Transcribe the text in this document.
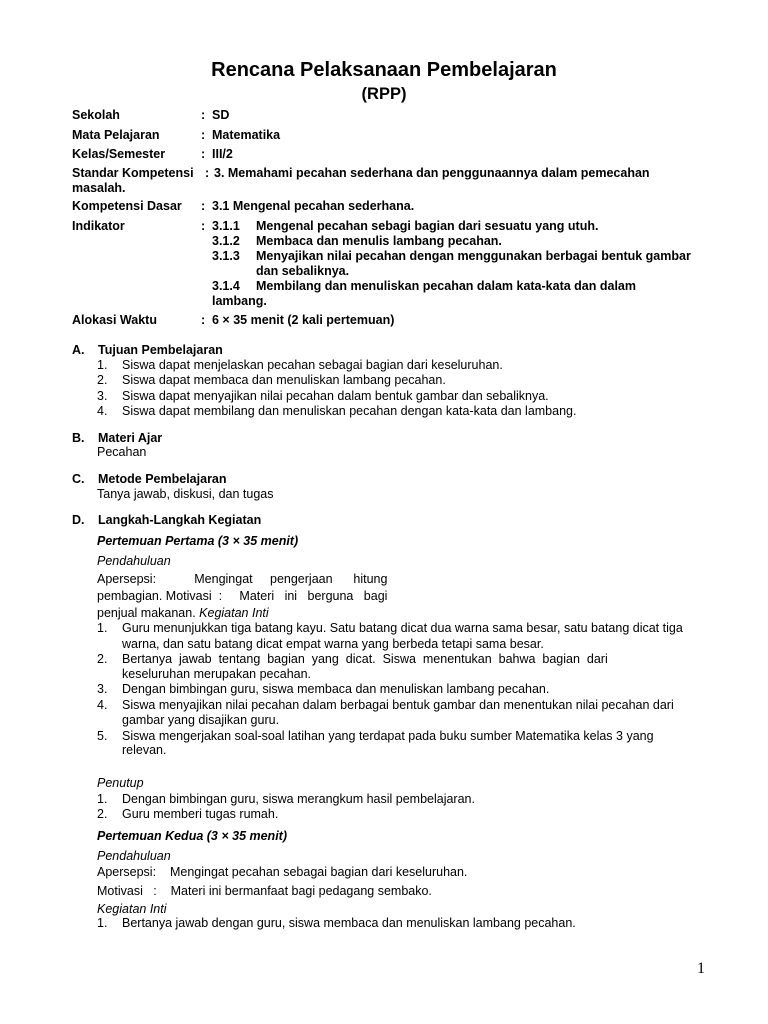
Rencana Pelaksanaan Pembelajaran
(RPP)
Sekolah	: SD
Mata Pelajaran	: Matematika
Kelas/Semester	: III/2
Standar Kompetensi : 3. Memahami pecahan sederhana dan penggunaannya dalam pemecahan
masalah.
Kompetensi Dasar : 3.1 Mengenal pecahan sederhana.
Indikator	: 3.1.1 Mengenal pecahan sebagi bagian dari sesuatu yang utuh.
3.1.2 Membaca dan menulis lambang pecahan.
3.1.3 Menyajikan nilai pecahan dengan menggunakan berbagai bentuk gambar
dan sebaliknya.
3.1.4 Membilang dan menuliskan pecahan dalam kata-kata dan dalam
lambang.
Alokasi Waktu	: 6 × 35 menit (2 kali pertemuan)
A. Tujuan Pembelajaran
1. Siswa dapat menjelaskan pecahan sebagai bagian dari keseluruhan.
2. Siswa dapat membaca dan menuliskan lambang pecahan.
3. Siswa dapat menyajikan nilai pecahan dalam bentuk gambar dan sebaliknya.
4. Siswa dapat membilang dan menuliskan pecahan dengan kata-kata dan lambang.
B. Materi Ajar
Pecahan
C. Metode Pembelajaran
Tanya jawab, diskusi, dan tugas
D. Langkah-Langkah Kegiatan
Pertemuan Pertama (3 × 35 menit)
Pendahuluan
Apersepsi:           Mengingat     pengerjaan      hitung
pembagian. Motivasi  :     Materi   ini   berguna   bagi
penjual makanan. Kegiatan Inti
1. Guru menunjukkan tiga batang kayu. Satu batang dicat dua warna sama besar, satu batang dicat tiga
warna, dan satu batang dicat empat warna yang berbeda tetapi sama besar.
2. Bertanya  jawab  tentang  bagian  yang  dicat.  Siswa  menentukan  bahwa  bagian  dari
keseluruhan merupakan pecahan.
3. Dengan bimbingan guru, siswa membaca dan menuliskan lambang pecahan.
4. Siswa menyajikan nilai pecahan dalam berbagai bentuk gambar dan menentukan nilai pecahan dari
gambar yang disajikan guru.
5. Siswa mengerjakan soal-soal latihan yang terdapat pada buku sumber Matematika kelas 3 yang
relevan.
Penutup
1. Dengan bimbingan guru, siswa merangkum hasil pembelajaran.
2. Guru memberi tugas rumah.
Pertemuan Kedua (3 × 35 menit)
Pendahuluan
Apersepsi:    Mengingat pecahan sebagai bagian dari keseluruhan.
Motivasi   :    Materi ini bermanfaat bagi pedagang sembako.
Kegiatan Inti
1. Bertanya jawab dengan guru, siswa membaca dan menuliskan lambang pecahan.
1
